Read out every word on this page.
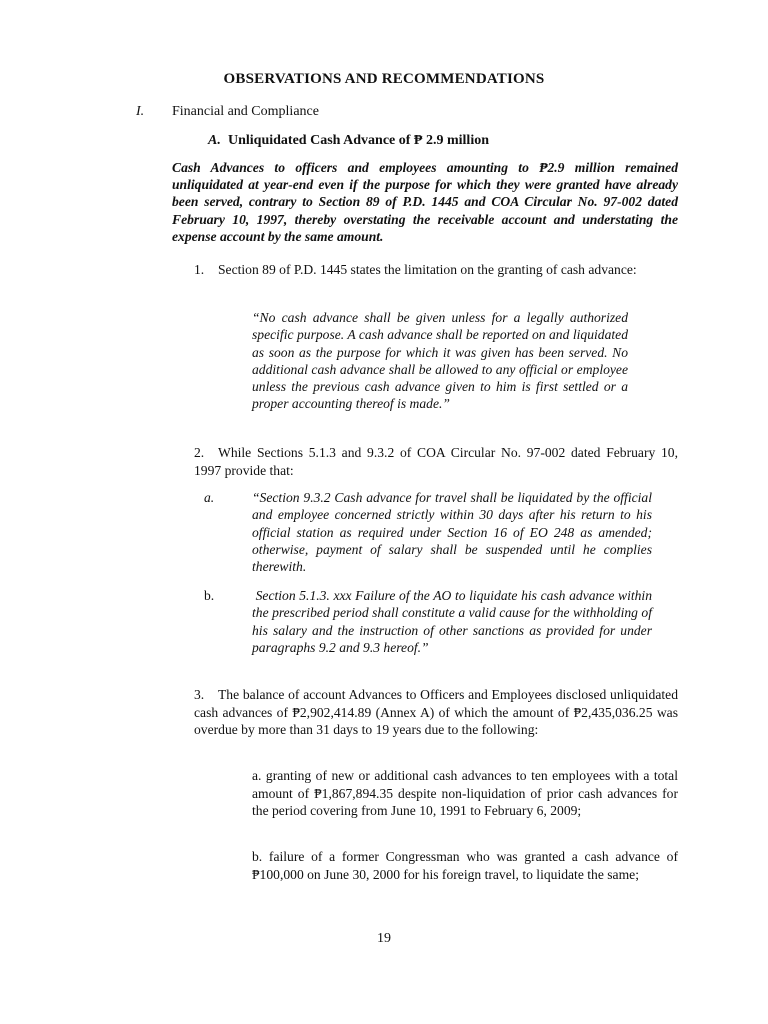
OBSERVATIONS AND RECOMMENDATIONS
I. Financial and Compliance
A. Unliquidated Cash Advance of ₱ 2.9 million
Cash Advances to officers and employees amounting to ₱2.9 million remained unliquidated at year-end even if the purpose for which they were granted have already been served, contrary to Section 89 of P.D. 1445 and COA Circular No. 97-002 dated February 10, 1997, thereby overstating the receivable account and understating the expense account by the same amount.
1. Section 89 of P.D. 1445 states the limitation on the granting of cash advance:
“No cash advance shall be given unless for a legally authorized specific purpose. A cash advance shall be reported on and liquidated as soon as the purpose for which it was given has been served. No additional cash advance shall be allowed to any official or employee unless the previous cash advance given to him is first settled or a proper accounting thereof is made.”
2. While Sections 5.1.3 and 9.3.2 of COA Circular No. 97-002 dated February 10, 1997 provide that:
a.	“Section 9.3.2 Cash advance for travel shall be liquidated by the official and employee concerned strictly within 30 days after his return to his official station as required under Section 16 of EO 248 as amended; otherwise, payment of salary shall be suspended until he complies therewith.
b.	Section 5.1.3. xxx Failure of the AO to liquidate his cash advance within the prescribed period shall constitute a valid cause for the withholding of his salary and the instruction of other sanctions as provided for under paragraphs 9.2 and 9.3 hereof.”
3. The balance of account Advances to Officers and Employees disclosed unliquidated cash advances of ₱2,902,414.89 (Annex A) of which the amount of ₱2,435,036.25 was overdue by more than 31 days to 19 years due to the following:
a. granting of new or additional cash advances to ten employees with a total amount of ₱1,867,894.35 despite non-liquidation of prior cash advances for the period covering from June 10, 1991 to February 6, 2009;
b. failure of a former Congressman who was granted a cash advance of ₱100,000 on June 30, 2000 for his foreign travel, to liquidate the same;
19
